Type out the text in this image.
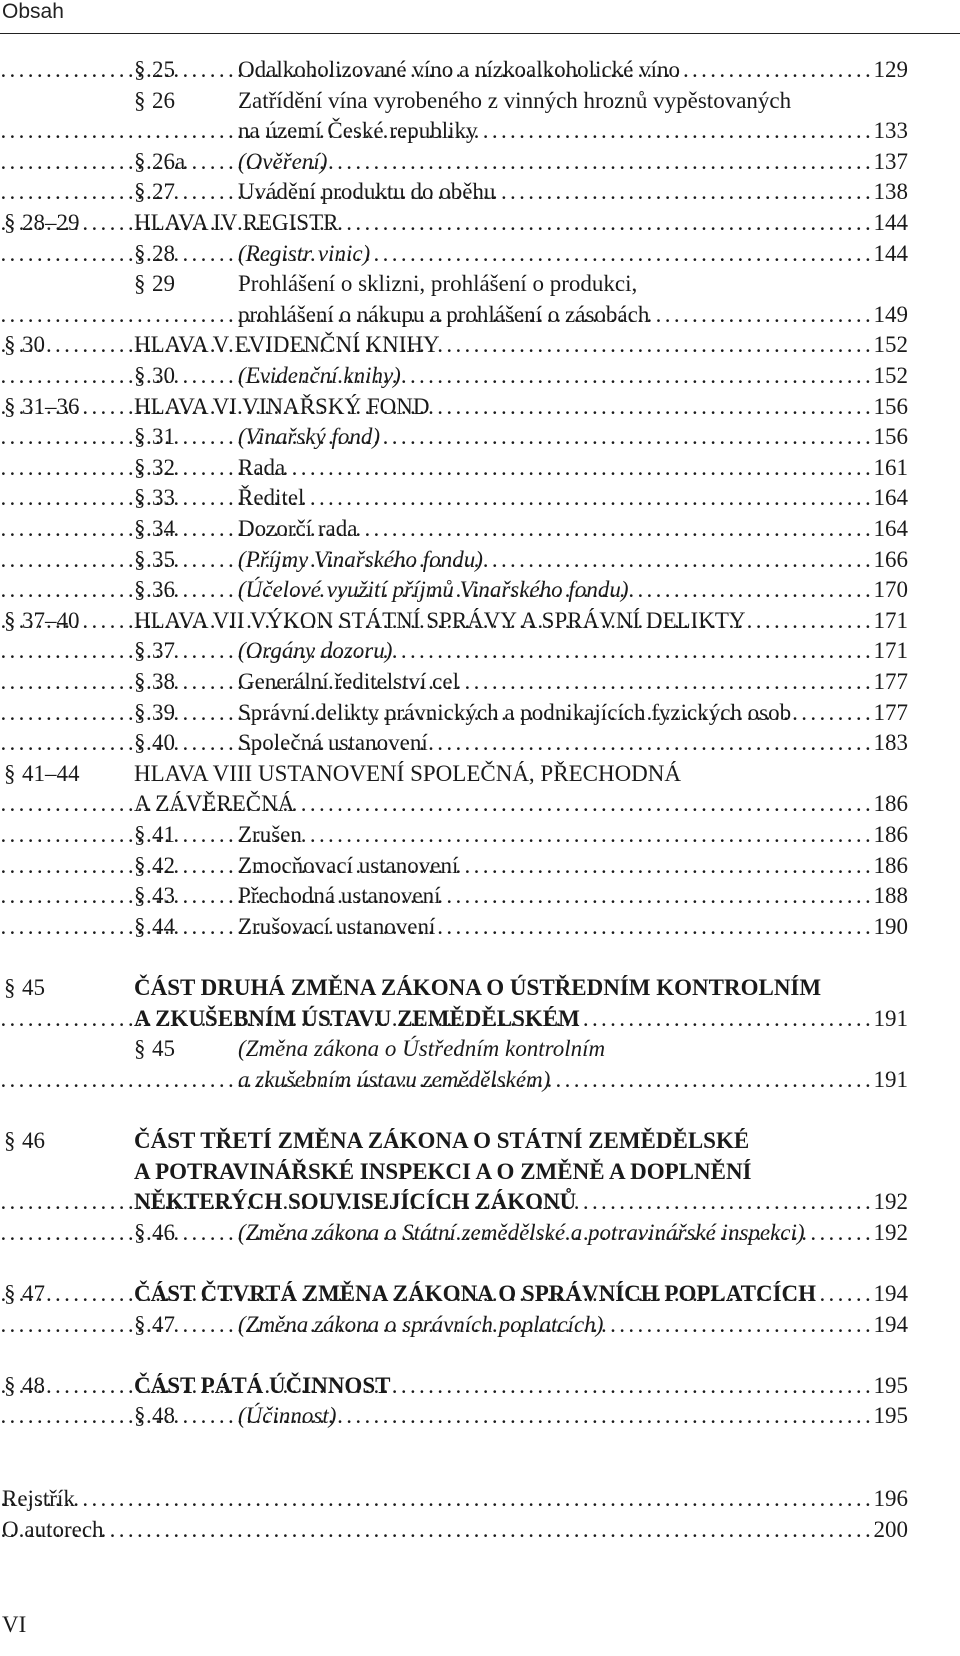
Obsah
§ 25	Odalkoholizované víno a nízkoalkoholické víno . . .	129
§ 26	Zatřídění vína vyrobeného z vinných hroznů vypěstovaných
na území České republiky . . .	133
§ 26a (Ověření) . . .	137
§ 27	Uvádění produktu do oběhu . . .	138
§ 28–29 HLAVA IV REGISTR . . .	144
§ 28	(Registr vinic) . . .	144
§ 29	Prohlášení o sklizni, prohlášení o produkci,
prohlášení o nákupu a prohlášení o zásobách . . .	149
§ 30	HLAVA V EVIDENČNÍ KNIHY . . .	152
§ 30	(Evidenční knihy) . . .	152
§ 31–36 HLAVA VI VINAŘSKÝ FOND . . .	156
§ 31	(Vinařský fond) . . .	156
§ 32	Rada . . .	161
§ 33	Ředitel . . .	164
§ 34	Dozorčí rada . . .	164
§ 35	(Příjmy Vinařského fondu) . . .	166
§ 36	(Účelové využití příjmů Vinařského fondu) . . .	170
§ 37–40 HLAVA VII VÝKON STÁTNÍ SPRÁVY A SPRÁVNÍ DELIKTY . . .	171
§ 37	(Orgány dozoru) . . .	171
§ 38	Generální ředitelství cel . . .	177
§ 39	Správní delikty právnických a podnikajících fyzických osob . . .	177
§ 40	Společná ustanovení . . .	183
§ 41–44 HLAVA VIII USTANOVENÍ SPOLEČNÁ, PŘECHODNÁ
A ZÁVĚREČNÁ . . .	186
§ 41	Zrušen . . .	186
§ 42	Zmocňovací ustanovení . . .	186
§ 43	Přechodná ustanovení . . .	188
§ 44	Zrušovací ustanovení . . .	190
§ 45	ČÁST DRUHÁ ZMĚNA ZÁKONA O ÚSTŘEDNÍM KONTROLNÍM
A ZKUŠEBNÍM ÚSTAVU ZEMĚDĚLSKÉM . . .	191
§ 45	(Změna zákona o Ústředním kontrolním
a zkušebním ústavu zemědělském) . . .	191
§ 46	ČÁST TŘETÍ ZMĚNA ZÁKONA O STÁTNÍ ZEMĚDĚLSKÉ
A POTRAVINÁŘSKÉ INSPEKCI A O ZMĚNĚ A DOPLNĚNÍ
NĚKTERÝCH SOUVISEJÍCÍCH ZÁKONŮ . . .	192
§ 46	(Změna zákona o Státní zemědělské a potravinářské inspekci) . . .	192
§ 47	ČÁST ČTVRTÁ ZMĚNA ZÁKONA O SPRÁVNÍCH POPLATCÍCH . . . 194
§ 47	(Změna zákona o správních poplatcích) . . .	194
§ 48	ČÁST PÁTÁ ÚČINNOST . . .	195
§ 48	(Účinnost) . . .	195
Rejstřík . . .	196
O autorech . . .	200
VI
